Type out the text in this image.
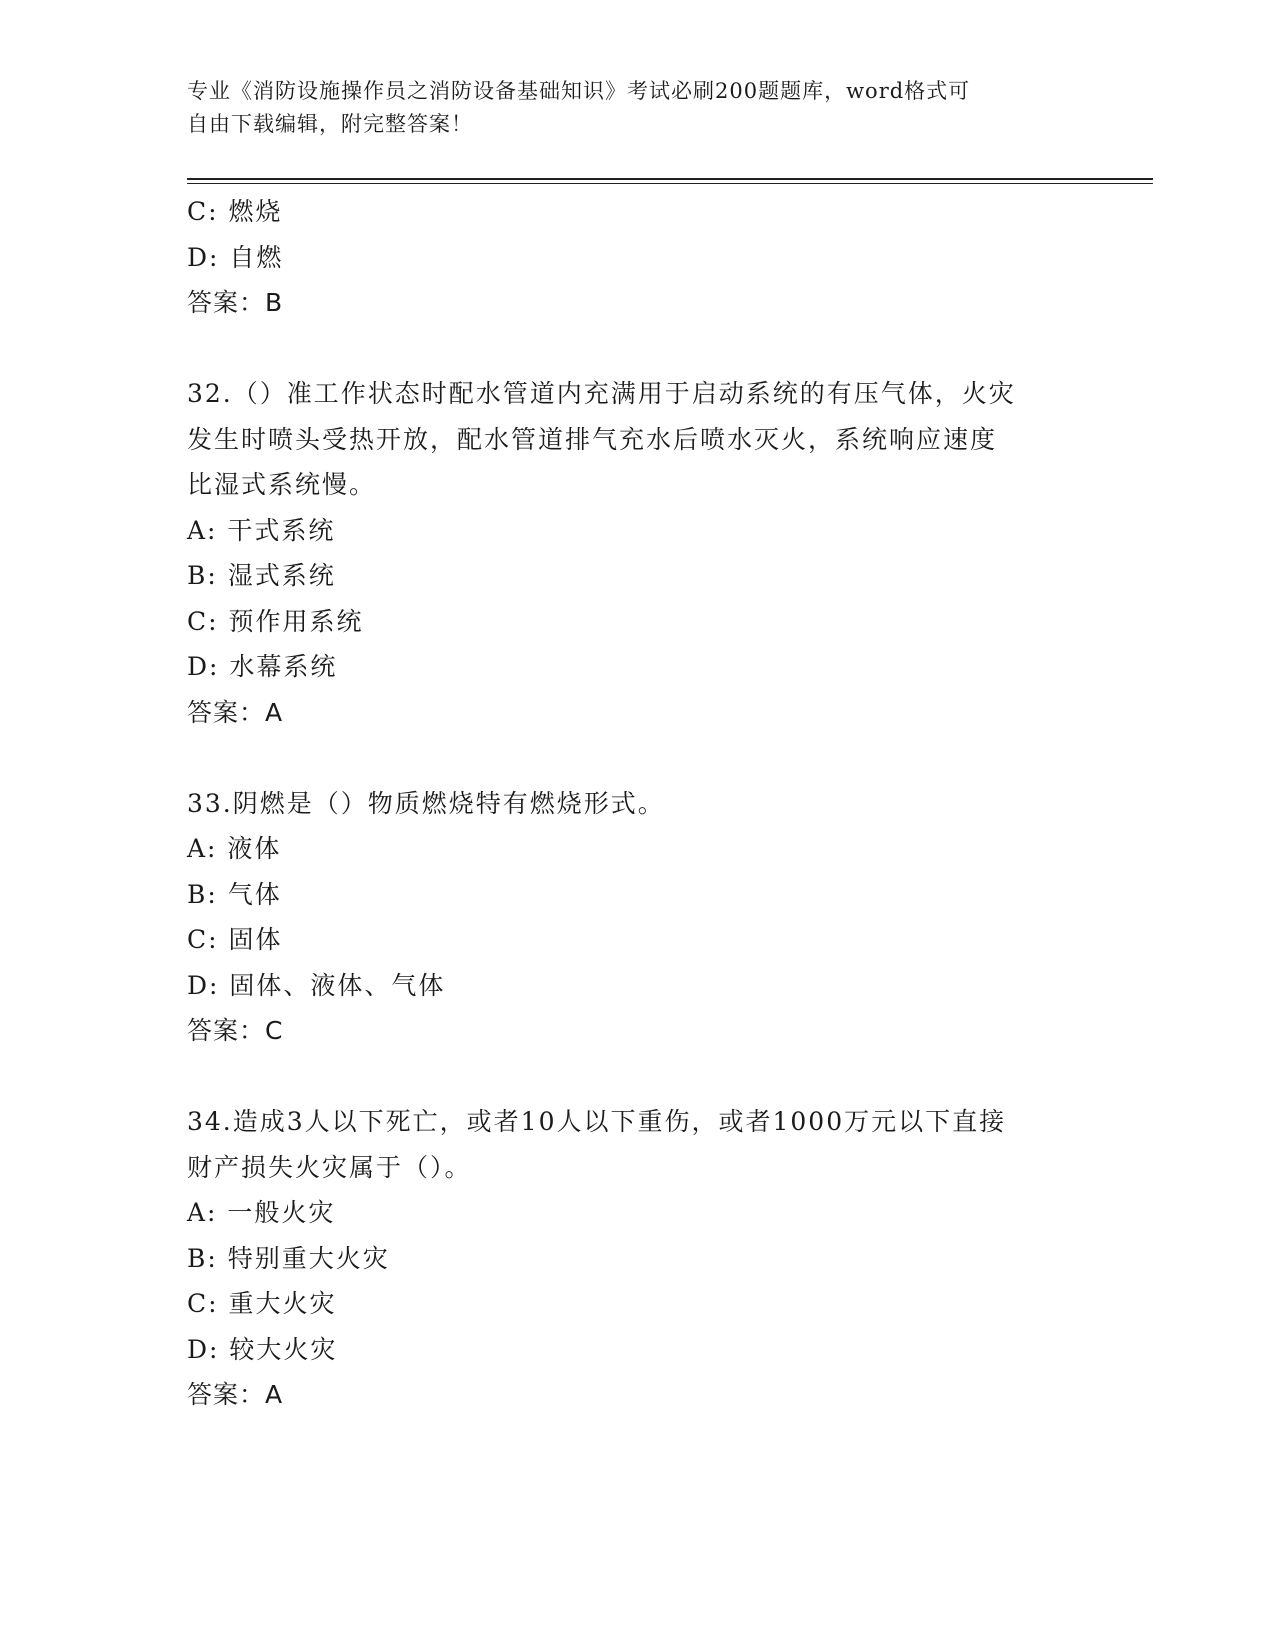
专业《消防设施操作员之消防设备基础知识》考试必刷200题题库，word格式可
自由下载编辑，附完整答案！
C: 燃烧
D: 自燃
答案：B
32.（）准工作状态时配水管道内充满用于启动系统的有压气体，火灾
发生时喷头受热开放，配水管道排气充水后喷水灭火，系统响应速度
比湿式系统慢。
A: 干式系统
B: 湿式系统
C: 预作用系统
D: 水幕系统
答案：A
33.阴燃是（）物质燃烧特有燃烧形式。
A: 液体
B: 气体
C: 固体
D: 固体、液体、气体
答案：C
34.造成3人以下死亡，或者10人以下重伤，或者1000万元以下直接
财产损失火灾属于（）。
A: 一般火灾
B: 特别重大火灾
C: 重大火灾
D: 较大火灾
答案：A
